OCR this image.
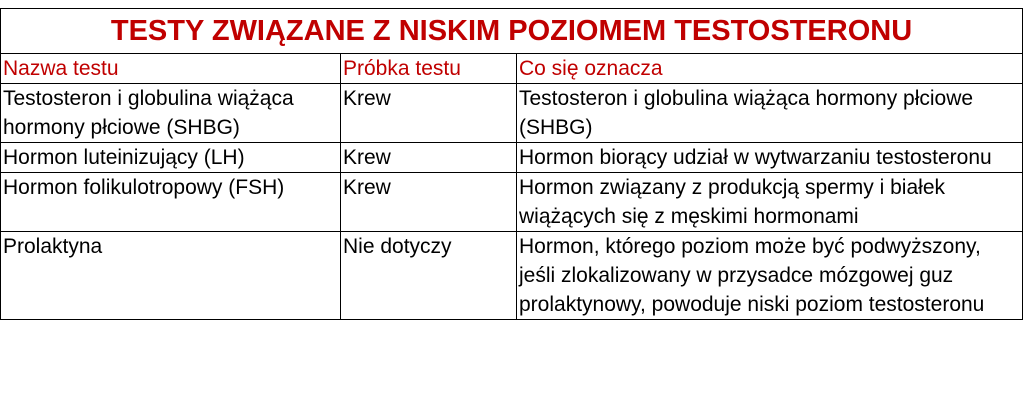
TESTY ZWIĄZANE Z NISKIM POZIOMEM TESTOSTERONU		
Nazwa testu	Próbka testu	Co się oznacza
Testosteron i globulina wiążąca hormony płciowe (SHBG)	Krew	Testosteron i globulina wiążąca hormony płciowe (SHBG)
Hormon luteinizujący (LH)	Krew	Hormon biorący udział w wytwarzaniu testosteronu
Hormon folikulotropowy (FSH)	Krew	Hormon związany z produkcją spermy i białek wiążących się z męskimi hormonami
Prolaktyna	Nie dotyczy	Hormon, którego poziom może być podwyższony, jeśli zlokalizowany w przysadce mózgowej guz prolaktynowy, powoduje niski poziom testosteronu
